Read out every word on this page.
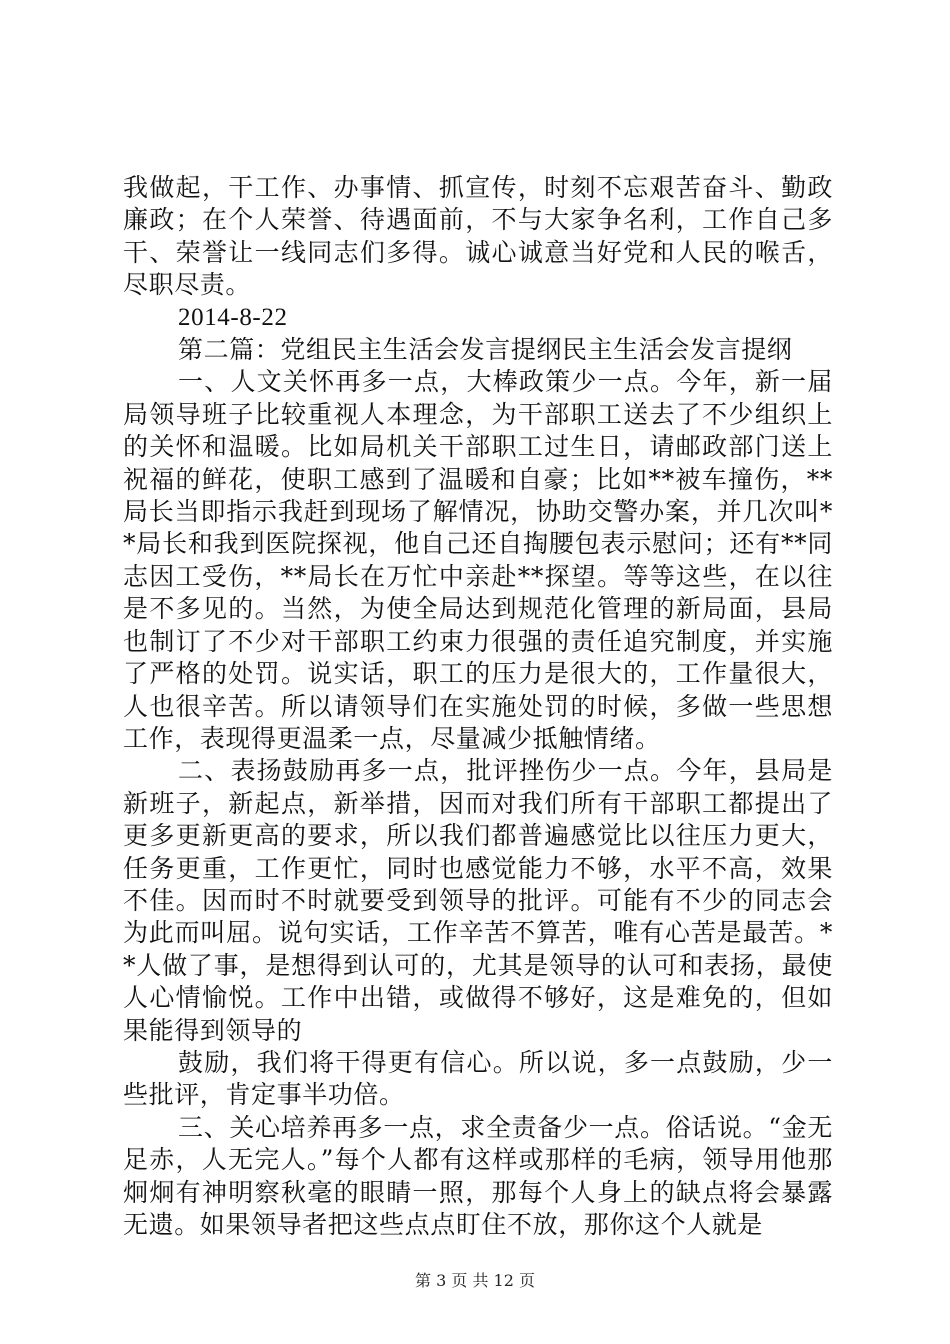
我做起，干工作、办事情、抓宣传，时刻不忘艰苦奋斗、勤政廉政；在个人荣誉、待遇面前，不与大家争名利，工作自己多干、荣誉让一线同志们多得。诚心诚意当好党和人民的喉舌，尽职尽责。

2014-8-22

第二篇：党组民主生活会发言提纲民主生活会发言提纲

一、人文关怀再多一点，大棒政策少一点。今年，新一届局领导班子比较重视人本理念，为干部职工送去了不少组织上的关怀和温暖。比如局机关干部职工过生日，请邮政部门送上祝福的鲜花，使职工感到了温暖和自豪；比如**被车撞伤，**局长当即指示我赶到现场了解情况，协助交警办案，并几次叫**局长和我到医院探视，他自己还自掏腰包表示慰问；还有**同志因工受伤，**局长在万忙中亲赴**探望。等等这些，在以往是不多见的。当然，为使全局达到规范化管理的新局面，县局也制订了不少对干部职工约束力很强的责任追究制度，并实施了严格的处罚。说实话，职工的压力是很大的，工作量很大，人也很辛苦。所以请领导们在实施处罚的时候，多做一些思想工作，表现得更温柔一点，尽量减少抵触情绪。

二、表扬鼓励再多一点，批评挫伤少一点。今年，县局是新班子，新起点，新举措，因而对我们所有干部职工都提出了更多更新更高的要求，所以我们都普遍感觉比以往压力更大，任务更重，工作更忙，同时也感觉能力不够，水平不高，效果不佳。因而时不时就要受到领导的批评。可能有不少的同志会为此而叫屈。说句实话，工作辛苦不算苦，唯有心苦是最苦。**人做了事，是想得到认可的，尤其是领导的认可和表扬，最使人心情愉悦。工作中出错，或做得不够好，这是难免的，但如果能得到领导的

鼓励，我们将干得更有信心。所以说，多一点鼓励，少一些批评，肯定事半功倍。

三、关心培养再多一点，求全责备少一点。俗话说。“金无足赤，人无完人。”每个人都有这样或那样的毛病，领导用他那炯炯有神明察秋毫的眼睛一照，那每个人身上的缺点将会暴露无遗。如果领导者把这些点点盯住不放，那你这个人就是

第 3 页 共 12 页
